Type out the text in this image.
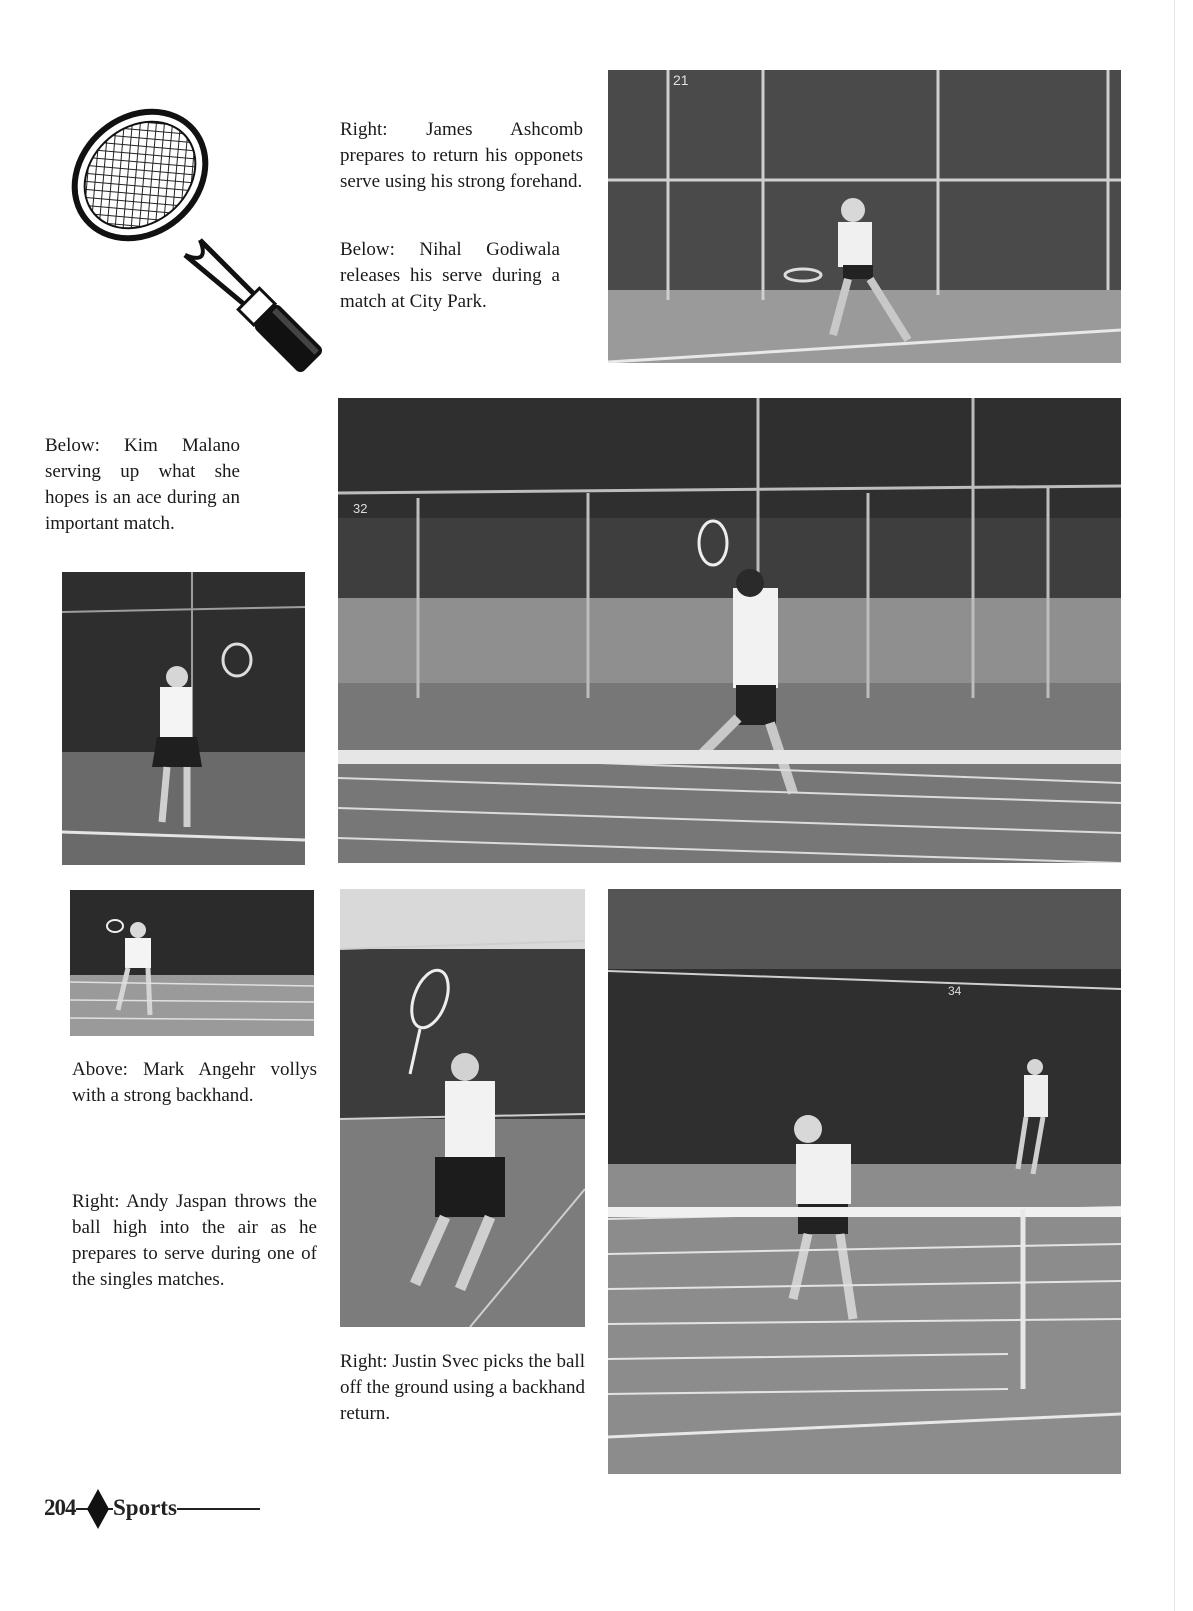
Right: James Ashcomb prepares to return his opponets serve using his strong forehand.
Below: Nihal Godiwala releases his serve during a match at City Park.
21
Below: Kim Malano serving up what she hopes is an ace during an important match.
32
Above: Mark Angehr vollys with a strong backhand.
Right: Andy Jaspan throws the ball high into the air as he prepares to serve during one of the singles matches.
34
Right: Justin Svec picks the ball off the ground using a backhand return.
204 Sports
